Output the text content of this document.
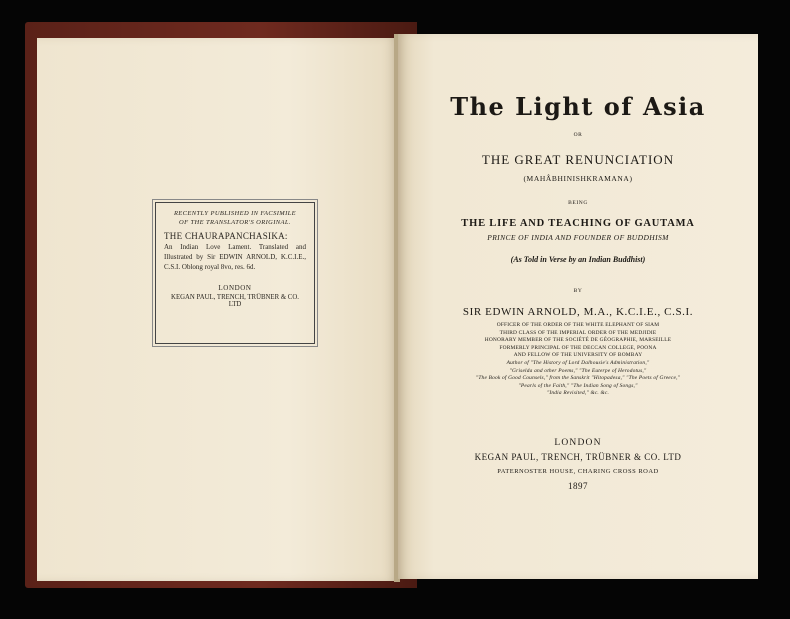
RECENTLY PUBLISHED IN FACSIMILE
OF THE TRANSLATOR'S ORIGINAL.
THE CHAURAPANCHASIKA:
An Indian Love Lament. Translated and Illustrated by Sir EDWIN ARNOLD, K.C.I.E., C.S.I. Oblong royal 8vo, res. 6d.
LONDON
KEGAN PAUL, TRENCH, TRÜBNER & CO. LTD
The Light of Asia
OR
THE GREAT RENUNCIATION
(MAHÂBHINISHKRAMANA)
BEING
THE LIFE AND TEACHING OF GAUTAMA
PRINCE OF INDIA AND FOUNDER OF BUDDHISM
(As Told in Verse by an Indian Buddhist)
BY
SIR EDWIN ARNOLD, M.A., K.C.I.E., C.S.I.
OFFICER OF THE ORDER OF THE WHITE ELEPHANT OF SIAM
THIRD CLASS OF THE IMPERIAL ORDER OF THE MEDJIDIE
HONORARY MEMBER OF THE SOCIÉTÉ DE GÉOGRAPHIE, MARSEILLE
FORMERLY PRINCIPAL OF THE DECCAN COLLEGE, POONA
AND FELLOW OF THE UNIVERSITY OF BOMBAY
Author of "The History of Lord Dalhousie's Administration,"
"Griselda and other Poems," "The Euterpe of Herodotus,"
"The Book of Good Counsels," from the Sanskrit "Hitopadesa," "The Poets of Greece,"
"Pearls of the Faith," "The Indian Song of Songs,"
"India Revisited," &c. &c.
LONDON
KEGAN PAUL, TRENCH, TRÜBNER & CO. LTD
PATERNOSTER HOUSE, CHARING CROSS ROAD
1897
